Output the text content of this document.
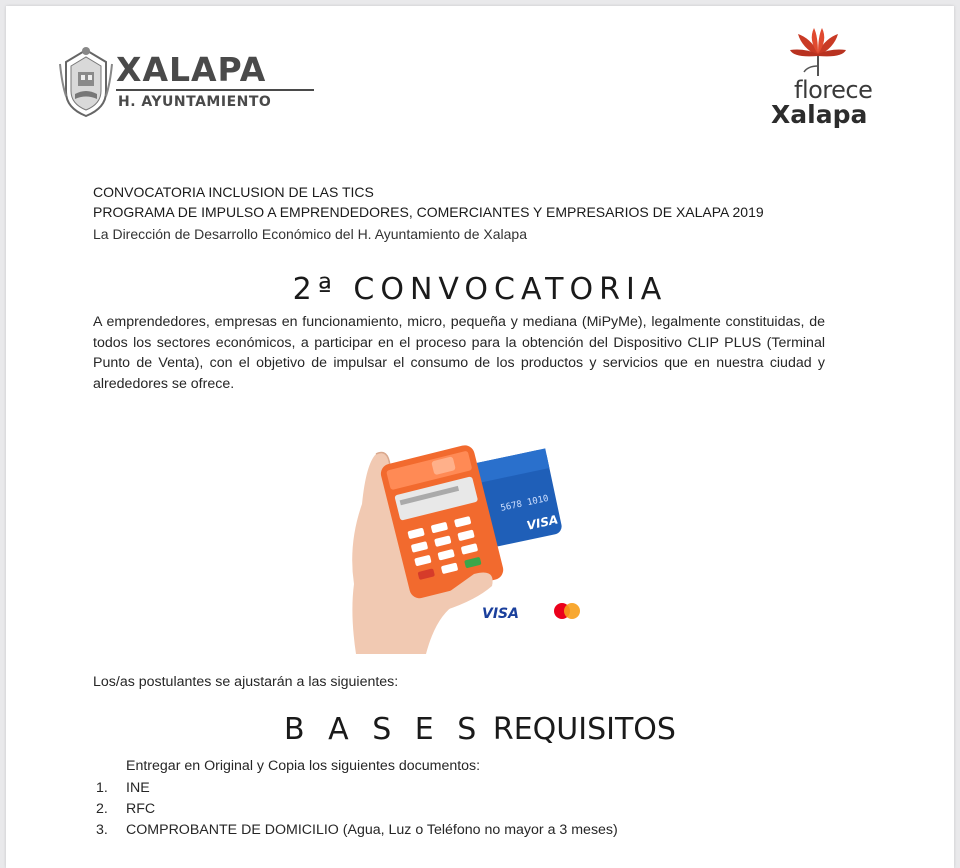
XALAPA
H. AYUNTAMIENTO	florece
Xalapa
CONVOCATORIA INCLUSION DE LAS TICS
PROGRAMA DE IMPULSO A EMPRENDEDORES, COMERCIANTES Y EMPRESARIOS DE XALAPA 2019
La Dirección de Desarrollo Económico del H. Ayuntamiento de Xalapa
2ª CONVOCATORIA

A emprendedores, empresas en funcionamiento, micro, pequeña y mediana (MiPyMe), legalmente constituidas, de todos los sectores económicos, a participar en el proceso para la obtención del Dispositivo CLIP PLUS (Terminal Punto de Venta), con el objetivo de impulsar el consumo de los productos y servicios que en nuestra ciudad y alrededores se ofrece.

5678 1010
VISA
VISA
Los/as postulantes se ajustarán a las siguientes:
B A S E S REQUISITOS
Entregar en Original y Copia los siguientes documentos:
1.	INE
2.	RFC
3.	COMPROBANTE DE DOMICILIO (Agua, Luz o Teléfono no mayor a 3 meses)
